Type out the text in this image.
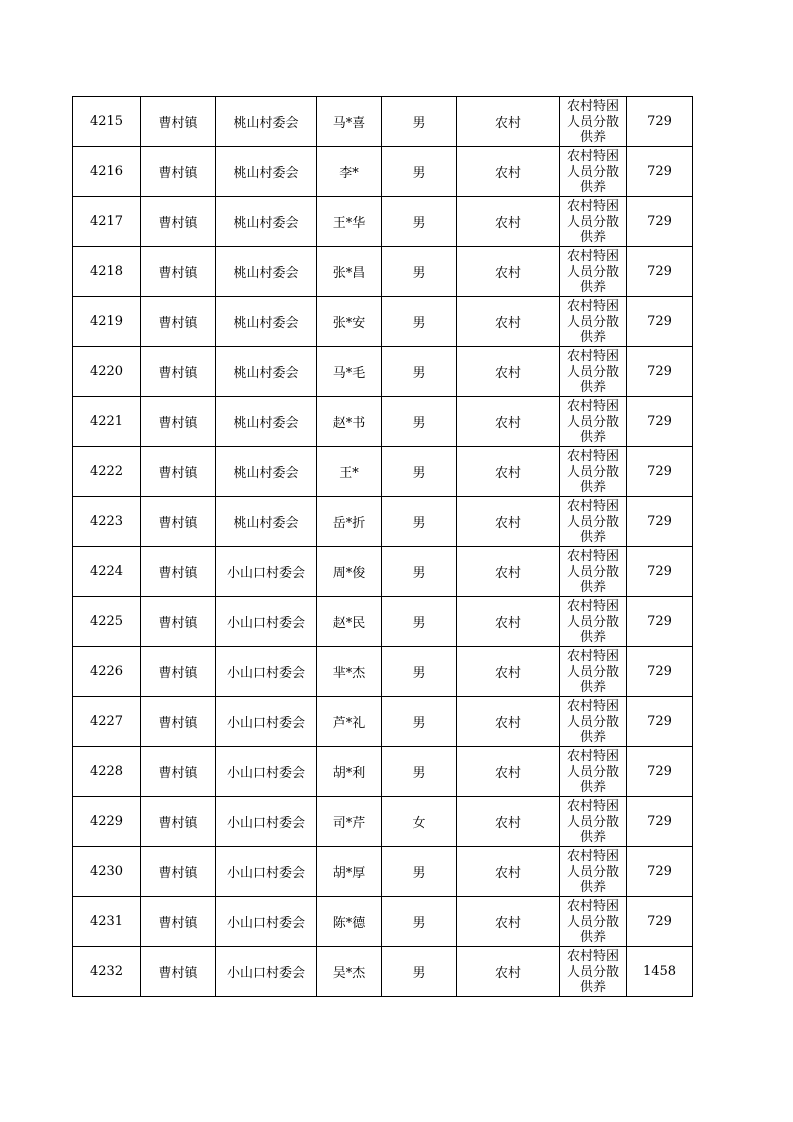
4215	曹村镇	桃山村委会	马*喜	男	农村	农村特困人员分散供养	729
4216	曹村镇	桃山村委会	李*	男	农村	农村特困人员分散供养	729
4217	曹村镇	桃山村委会	王*华	男	农村	农村特困人员分散供养	729
4218	曹村镇	桃山村委会	张*昌	男	农村	农村特困人员分散供养	729
4219	曹村镇	桃山村委会	张*安	男	农村	农村特困人员分散供养	729
4220	曹村镇	桃山村委会	马*毛	男	农村	农村特困人员分散供养	729
4221	曹村镇	桃山村委会	赵*书	男	农村	农村特困人员分散供养	729
4222	曹村镇	桃山村委会	王*	男	农村	农村特困人员分散供养	729
4223	曹村镇	桃山村委会	岳*折	男	农村	农村特困人员分散供养	729
4224	曹村镇	小山口村委会	周*俊	男	农村	农村特困人员分散供养	729
4225	曹村镇	小山口村委会	赵*民	男	农村	农村特困人员分散供养	729
4226	曹村镇	小山口村委会	芈*杰	男	农村	农村特困人员分散供养	729
4227	曹村镇	小山口村委会	芦*礼	男	农村	农村特困人员分散供养	729
4228	曹村镇	小山口村委会	胡*利	男	农村	农村特困人员分散供养	729
4229	曹村镇	小山口村委会	司*芹	女	农村	农村特困人员分散供养	729
4230	曹村镇	小山口村委会	胡*厚	男	农村	农村特困人员分散供养	729
4231	曹村镇	小山口村委会	陈*德	男	农村	农村特困人员分散供养	729
4232	曹村镇	小山口村委会	吴*杰	男	农村	农村特困人员分散供养	1458
